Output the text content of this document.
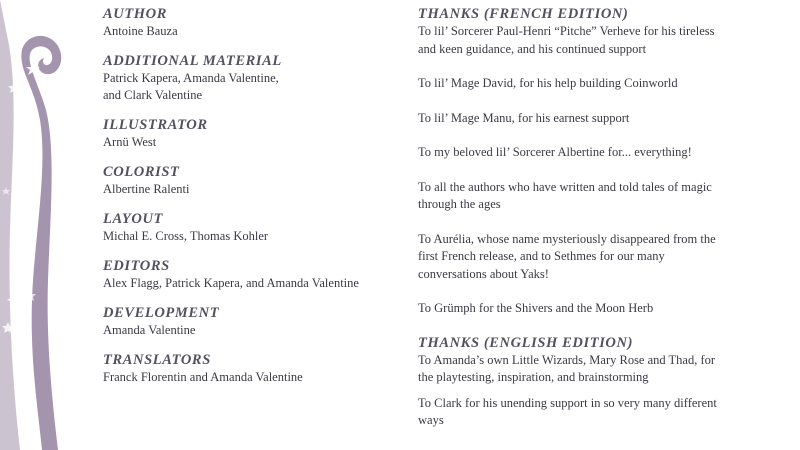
AUTHOR
Antoine Bauza
ADDITIONAL MATERIAL
Patrick Kapera, Amanda Valentine,
and Clark Valentine
ILLUSTRATOR
Arnü West
COLORIST
Albertine Ralenti
LAYOUT
Michal E. Cross, Thomas Kohler
EDITORS
Alex Flagg, Patrick Kapera, and Amanda Valentine
DEVELOPMENT
Amanda Valentine
TRANSLATORS
Franck Florentin and Amanda Valentine
THANKS (FRENCH EDITION)
To lil’ Sorcerer Paul-Henri “Pitche” Verheve for his tireless and keen guidance, and his continued support
To lil’ Mage David, for his help building Coinworld
To lil’ Mage Manu, for his earnest support
To my beloved lil’ Sorcerer Albertine for... everything!
To all the authors who have written and told tales of magic through the ages
To Aurélia, whose name mysteriously disappeared from the first French release, and to Sethmes for our many conversations about Yaks!
To Grümph for the Shivers and the Moon Herb
THANKS (ENGLISH EDITION)
To Amanda’s own Little Wizards, Mary Rose and Thad, for the playtesting, inspiration, and brainstorming
To Clark for his unending support in so very many different ways
